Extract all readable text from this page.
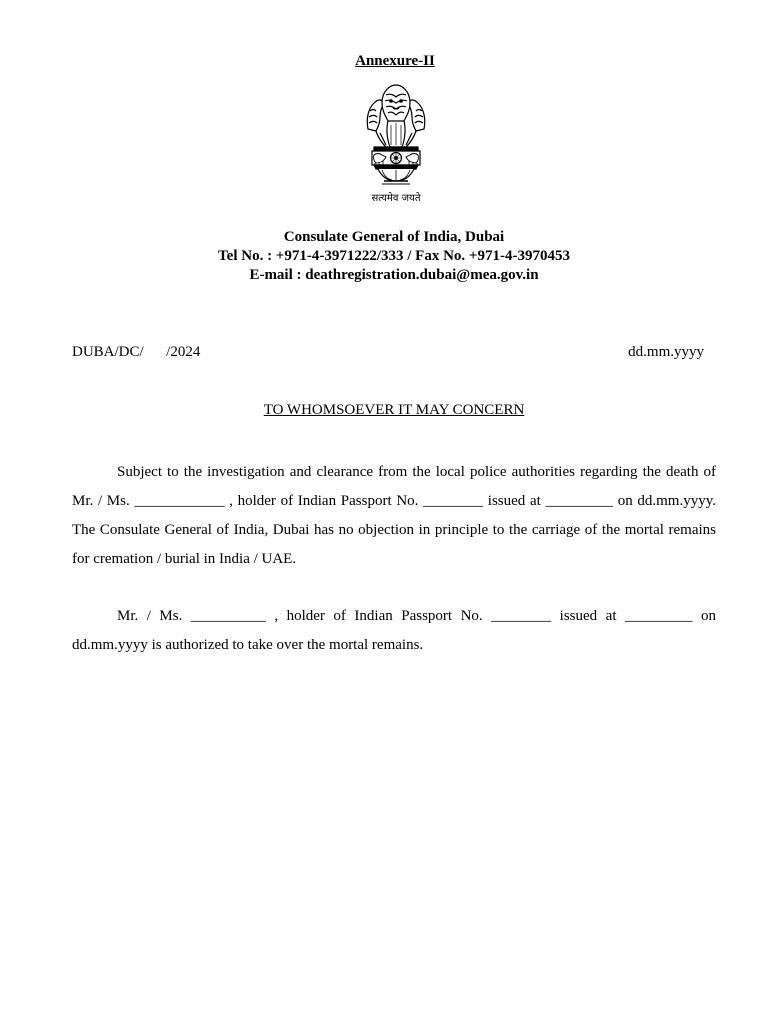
Annexure-II
सत्यमेव जयते
Consulate General of India, Dubai
Tel No. : +971-4-3971222/333 / Fax No. +971-4-3970453
E-mail : deathregistration.dubai@mea.gov.in
DUBA/DC/      /2024	dd.mm.yyyy
TO WHOMSOEVER IT MAY CONCERN
Subject to the investigation and clearance from the local police authorities regarding the death of Mr. / Ms. ____________ , holder of Indian Passport No. ________ issued at _________ on dd.mm.yyyy. The Consulate General of India, Dubai has no objection in principle to the carriage of the mortal remains for cremation / burial in India / UAE.
Mr. / Ms. __________ , holder of Indian Passport No. ________ issued at _________ on dd.mm.yyyy is authorized to take over the mortal remains.
